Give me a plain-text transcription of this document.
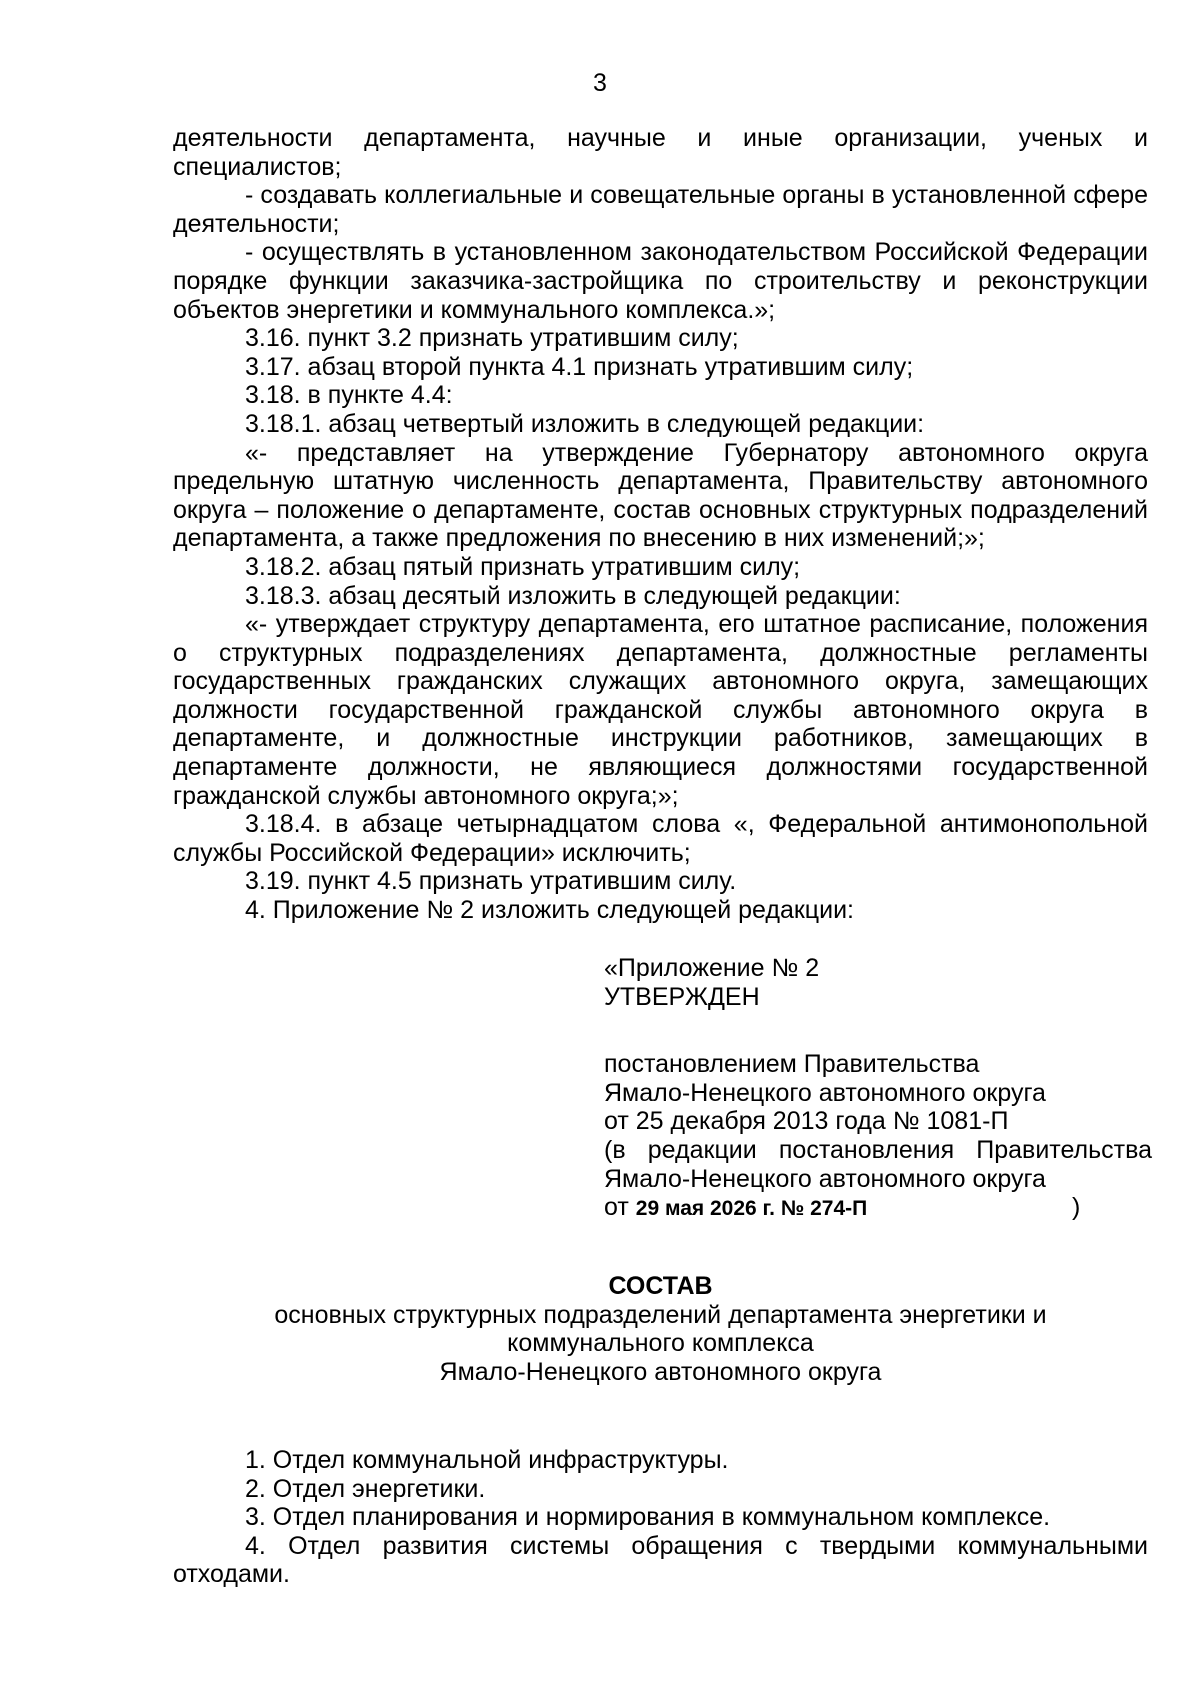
3

деятельности департамента, научные и иные организации, ученых и специалистов;

- создавать коллегиальные и совещательные органы в установленной сфере деятельности;

- осуществлять в установленном законодательством Российской Федерации порядке функции заказчика-застройщика по строительству и реконструкции объектов энергетики и коммунального комплекса.»;

3.16. пункт 3.2 признать утратившим силу;

3.17. абзац второй пункта 4.1 признать утратившим силу;

3.18. в пункте 4.4:

3.18.1. абзац четвертый изложить в следующей редакции:

«- представляет на утверждение Губернатору автономного округа предельную штатную численность департамента, Правительству автономного округа – положение о департаменте, состав основных структурных подразделений департамента, а также предложения по внесению в них изменений;»;

3.18.2. абзац пятый признать утратившим силу;

3.18.3. абзац десятый изложить в следующей редакции:

«- утверждает структуру департамента, его штатное расписание, положения о структурных подразделениях департамента, должностные регламенты государственных гражданских служащих автономного округа, замещающих должности государственной гражданской службы автономного округа в департаменте, и должностные инструкции работников, замещающих в департаменте должности, не являющиеся должностями государственной гражданской службы автономного округа;»;

3.18.4. в абзаце четырнадцатом слова «, Федеральной антимонопольной службы Российской Федерации» исключить;

3.19. пункт 4.5 признать утратившим силу.

4. Приложение № 2 изложить следующей редакции:

«Приложение № 2

УТВЕРЖДЕН

постановлением Правительства

Ямало-Ненецкого автономного округа

от 25 декабря 2013 года № 1081-П

(в редакции постановления Правительства

Ямало-Ненецкого автономного округа

от 29 мая 2026 г. № 274-П	)

СОСТАВ

основных структурных подразделений департамента энергетики и

коммунального комплекса

Ямало-Ненецкого автономного округа

1. Отдел коммунальной инфраструктуры.

2. Отдел энергетики.

3. Отдел планирования и нормирования в коммунальном комплексе.

4. Отдел развития системы обращения с твердыми коммунальными отходами.
